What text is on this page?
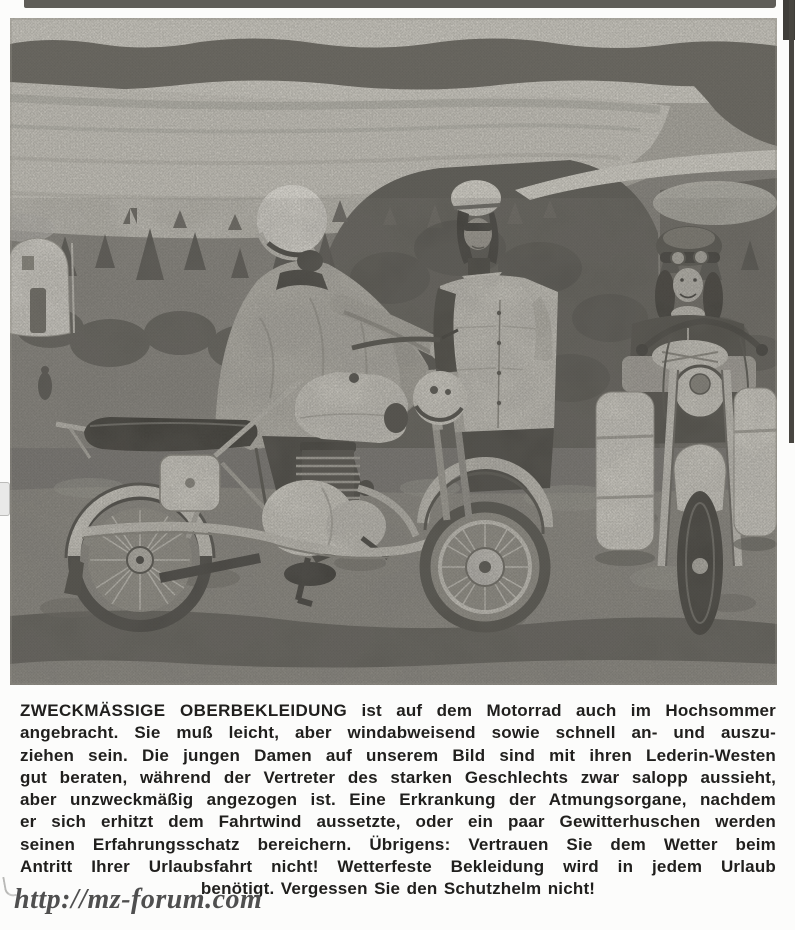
ZWECKMÄSSIGE OBERBEKLEIDUNG ist auf dem Motorrad auch im Hochsommer
angebracht. Sie muß leicht, aber windabweisend sowie schnell an- und auszu-
ziehen sein. Die jungen Damen auf unserem Bild sind mit ihren Lederin-Westen
gut beraten, während der Vertreter des starken Geschlechts zwar salopp aussieht,
aber unzweckmäßig angezogen ist. Eine Erkrankung der Atmungsorgane, nachdem
er sich erhitzt dem Fahrtwind aussetzte, oder ein paar Gewitterhuschen werden
seinen Erfahrungsschatz bereichern. Übrigens: Vertrauen Sie dem Wetter beim
Antritt Ihrer Urlaubsfahrt nicht! Wetterfeste Bekleidung wird in jedem Urlaub
benötigt. Vergessen Sie den Schutzhelm nicht!
http://mz-forum.com
